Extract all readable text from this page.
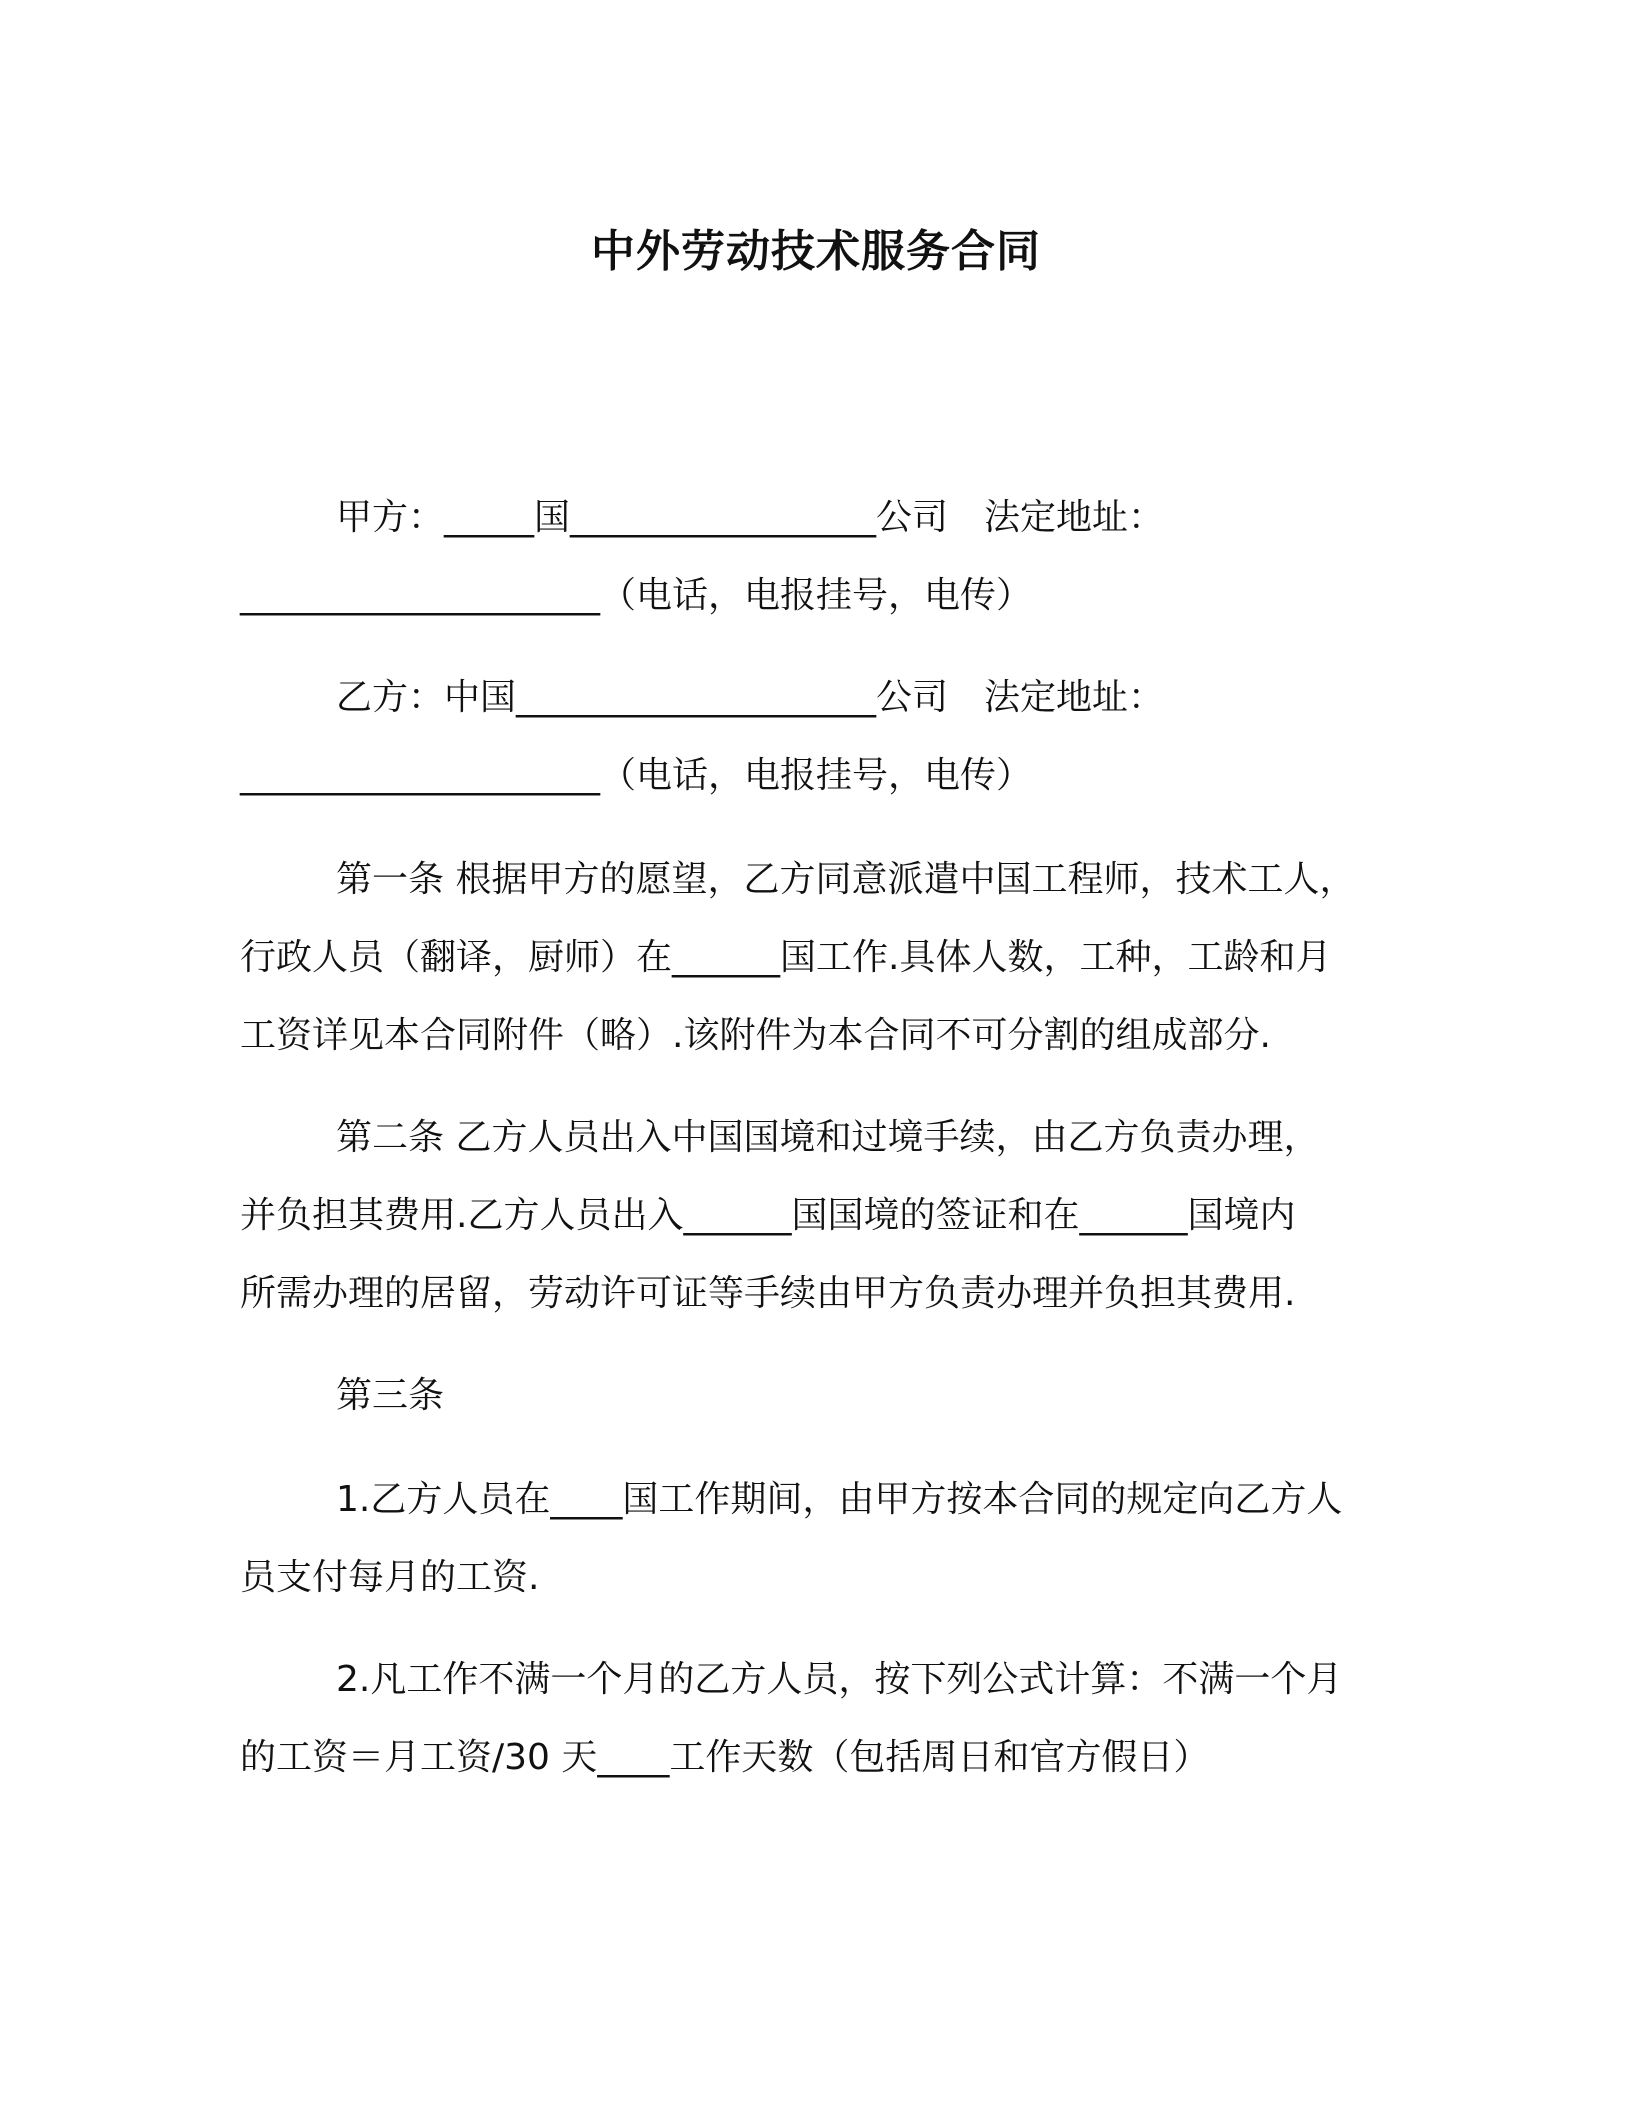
中外劳动技术服务合同
甲方：_____国_________________公司　法定地址：
____________________（电话，电报挂号，电传）
乙方：中国____________________公司　法定地址：
____________________（电话，电报挂号，电传）
第一条 根据甲方的愿望，乙方同意派遣中国工程师，技术工人，
行政人员（翻译，厨师）在______国工作.具体人数，工种，工龄和月
工资详见本合同附件（略）.该附件为本合同不可分割的组成部分.
第二条 乙方人员出入中国国境和过境手续，由乙方负责办理，
并负担其费用.乙方人员出入______国国境的签证和在______国境内
所需办理的居留，劳动许可证等手续由甲方负责办理并负担其费用.
第三条
1.乙方人员在____国工作期间，由甲方按本合同的规定向乙方人
员支付每月的工资.
2.凡工作不满一个月的乙方人员，按下列公式计算：不满一个月
的工资＝月工资/30 天____工作天数（包括周日和官方假日）
